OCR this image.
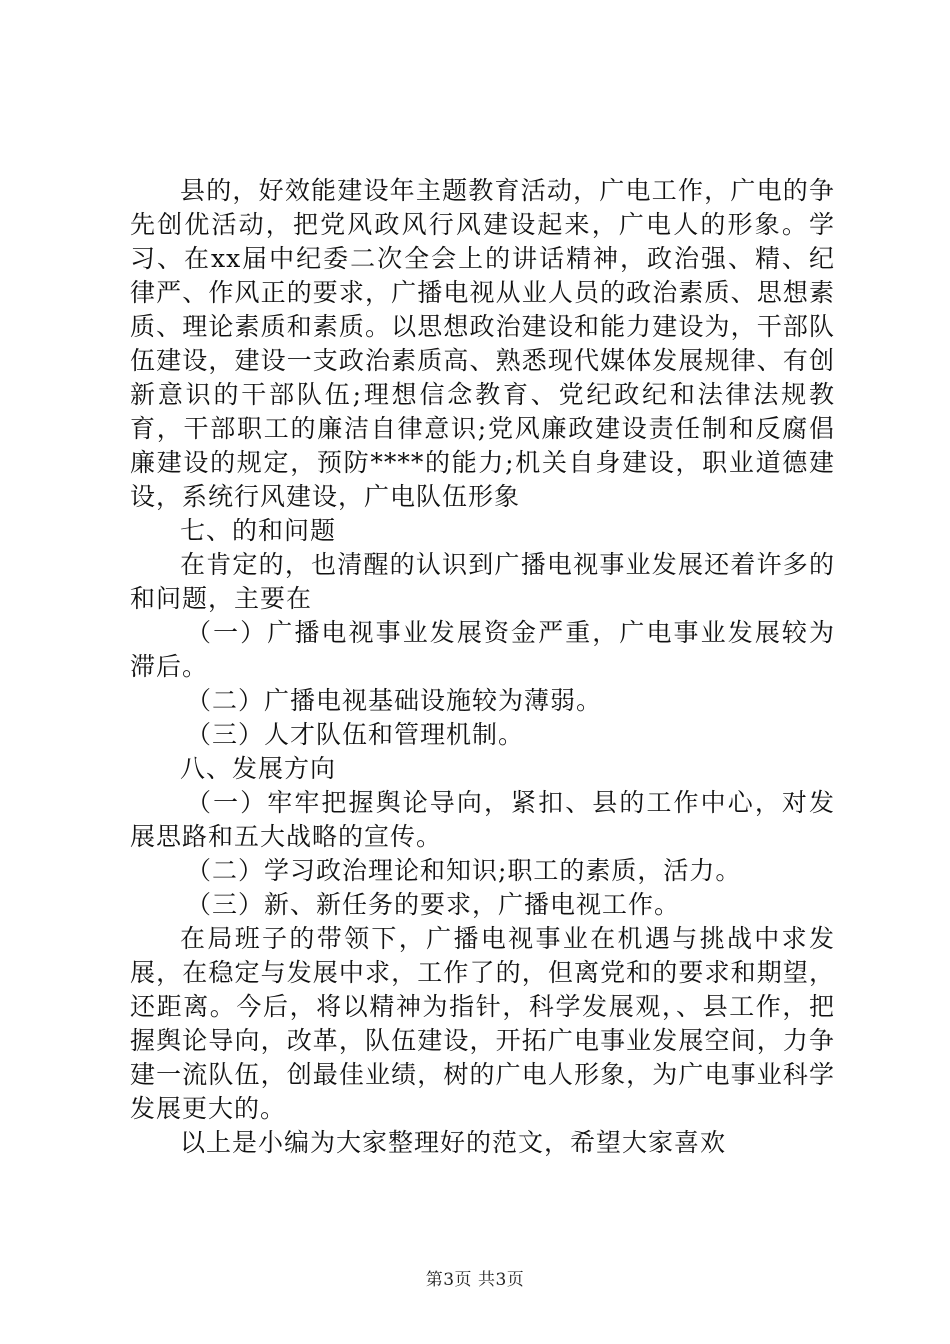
县的，好效能建设年主题教育活动，广电工作，广电的争先创优活动，把党风政风行风建设起来，广电人的形象。学习、在xx届中纪委二次全会上的讲话精神，政治强、精、纪律严、作风正的要求，广播电视从业人员的政治素质、思想素质、理论素质和素质。以思想政治建设和能力建设为，干部队伍建设，建设一支政治素质高、熟悉现代媒体发展规律、有创新意识的干部队伍;理想信念教育、党纪政纪和法律法规教育，干部职工的廉洁自律意识;党风廉政建设责任制和反腐倡廉建设的规定，预防****的能力;机关自身建设，职业道德建设，系统行风建设，广电队伍形象

七、的和问题

在肯定的，也清醒的认识到广播电视事业发展还着许多的和问题，主要在

（一）广播电视事业发展资金严重，广电事业发展较为滞后。

（二）广播电视基础设施较为薄弱。

（三）人才队伍和管理机制。

八、发展方向

（一）牢牢把握舆论导向，紧扣、县的工作中心，对发展思路和五大战略的宣传。

（二）学习政治理论和知识;职工的素质，活力。

（三）新、新任务的要求，广播电视工作。

在局班子的带领下，广播电视事业在机遇与挑战中求发展，在稳定与发展中求，工作了的，但离党和的要求和期望，还距离。今后，将以精神为指针，科学发展观，、县工作，把握舆论导向，改革，队伍建设，开拓广电事业发展空间，力争建一流队伍，创最佳业绩，树的广电人形象，为广电事业科学发展更大的。

以上是小编为大家整理好的范文，希望大家喜欢

第3页 共3页
